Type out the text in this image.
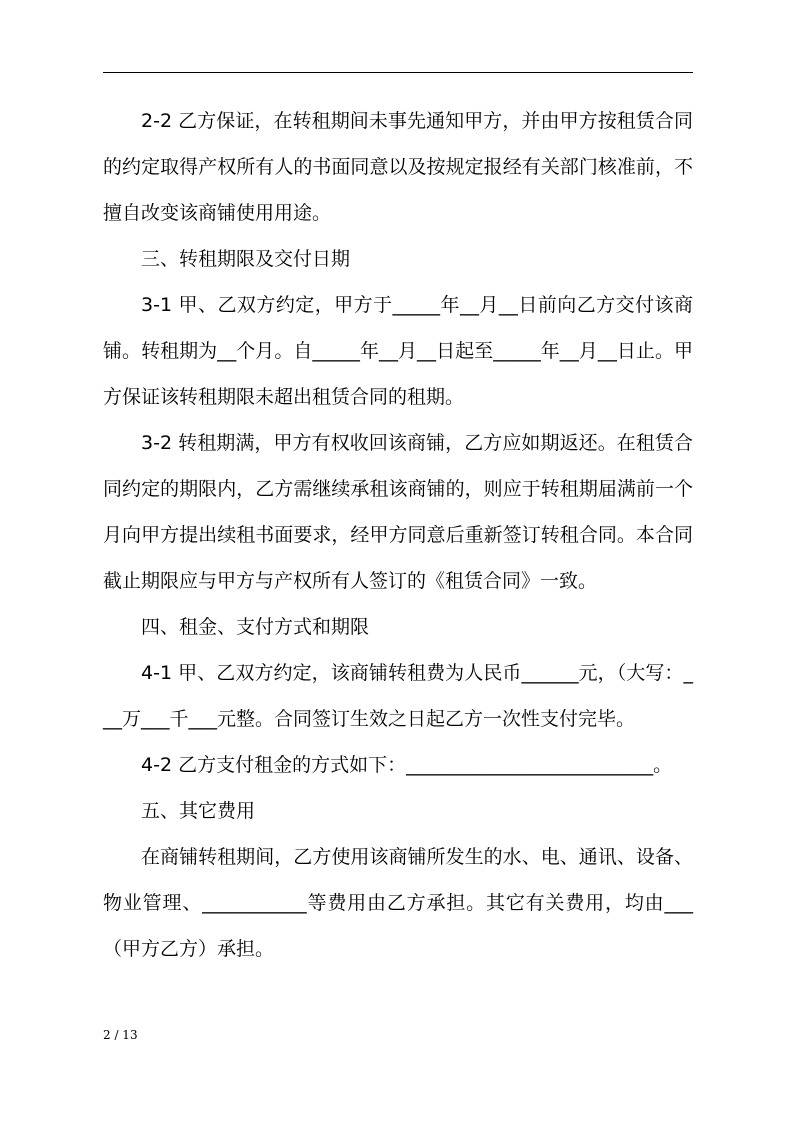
2-2 乙方保证，在转租期间未事先通知甲方，并由甲方按租赁合同的约定取得产权所有人的书面同意以及按规定报经有关部门核准前，不擅自改变该商铺使用用途。

三、转租期限及交付日期

3-1 甲、乙双方约定，甲方于_____年__月__日前向乙方交付该商铺。转租期为__个月。自_____年__月__日起至_____年__月__日止。甲方保证该转租期限未超出租赁合同的租期。

3-2 转租期满，甲方有权收回该商铺，乙方应如期返还。在租赁合同约定的期限内，乙方需继续承租该商铺的，则应于转租期届满前一个月向甲方提出续租书面要求，经甲方同意后重新签订转租合同。本合同截止期限应与甲方与产权所有人签订的《租赁合同》一致。

四、租金、支付方式和期限

4-1 甲、乙双方约定，该商铺转租费为人民币______元，（大写：___万___千___元整。合同签订生效之日起乙方一次性支付完毕。

4-2 乙方支付租金的方式如下：__________________________。

五、其它费用

在商铺转租期间，乙方使用该商铺所发生的水、电、通讯、设备、物业管理、___________等费用由乙方承担。其它有关费用，均由___（甲方乙方）承担。

2 / 13
